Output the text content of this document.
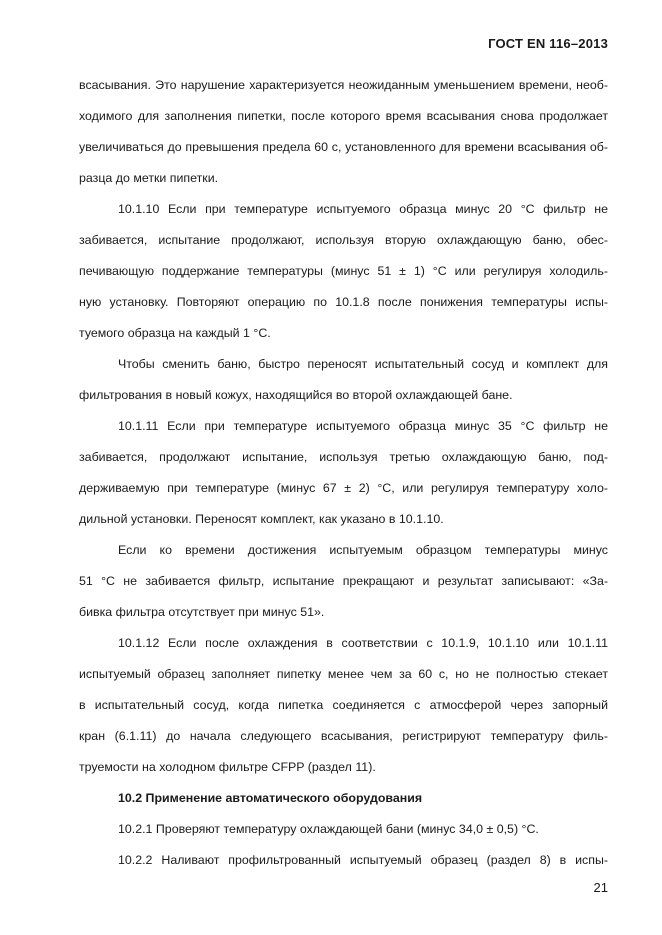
ГОСТ EN 116–2013
всасывания. Это нарушение характеризуется неожиданным уменьшением времени, необ-
ходимого для заполнения пипетки, после которого время всасывания снова продолжает
увеличиваться до превышения предела 60 с, установленного для времени всасывания об-
разца до метки пипетки.
10.1.10 Если при температуре испытуемого образца минус 20 °С фильтр не
забивается, испытание продолжают, используя вторую охлаждающую баню, обес-
печивающую поддержание температуры (минус 51 ± 1) °С или регулируя холодиль-
ную установку. Повторяют операцию по 10.1.8 после понижения температуры испы-
туемого образца на каждый 1 °С.
Чтобы сменить баню, быстро переносят испытательный сосуд и комплект для
фильтрования в новый кожух, находящийся во второй охлаждающей бане.
10.1.11 Если при температуре испытуемого образца минус 35 °С фильтр не
забивается, продолжают испытание, используя третью охлаждающую баню, под-
держиваемую при температуре (минус 67 ± 2) °С, или регулируя температуру холо-
дильной установки. Переносят комплект, как указано в 10.1.10.
Если ко времени достижения испытуемым образцом температуры минус
51 °С не забивается фильтр, испытание прекращают и результат записывают: «За-
бивка фильтра отсутствует при минус 51».
10.1.12 Если после охлаждения в соответствии с 10.1.9, 10.1.10 или 10.1.11
испытуемый образец заполняет пипетку менее чем за 60 с, но не полностью стекает
в испытательный сосуд, когда пипетка соединяется с атмосферой через запорный
кран (6.1.11) до начала следующего всасывания, регистрируют температуру филь-
труемости на холодном фильтре CFPP (раздел 11).
10.2 Применение автоматического оборудования
10.2.1 Проверяют температуру охлаждающей бани (минус 34,0 ± 0,5) °С.
10.2.2 Наливают профильтрованный испытуемый образец (раздел 8) в испы-
21
